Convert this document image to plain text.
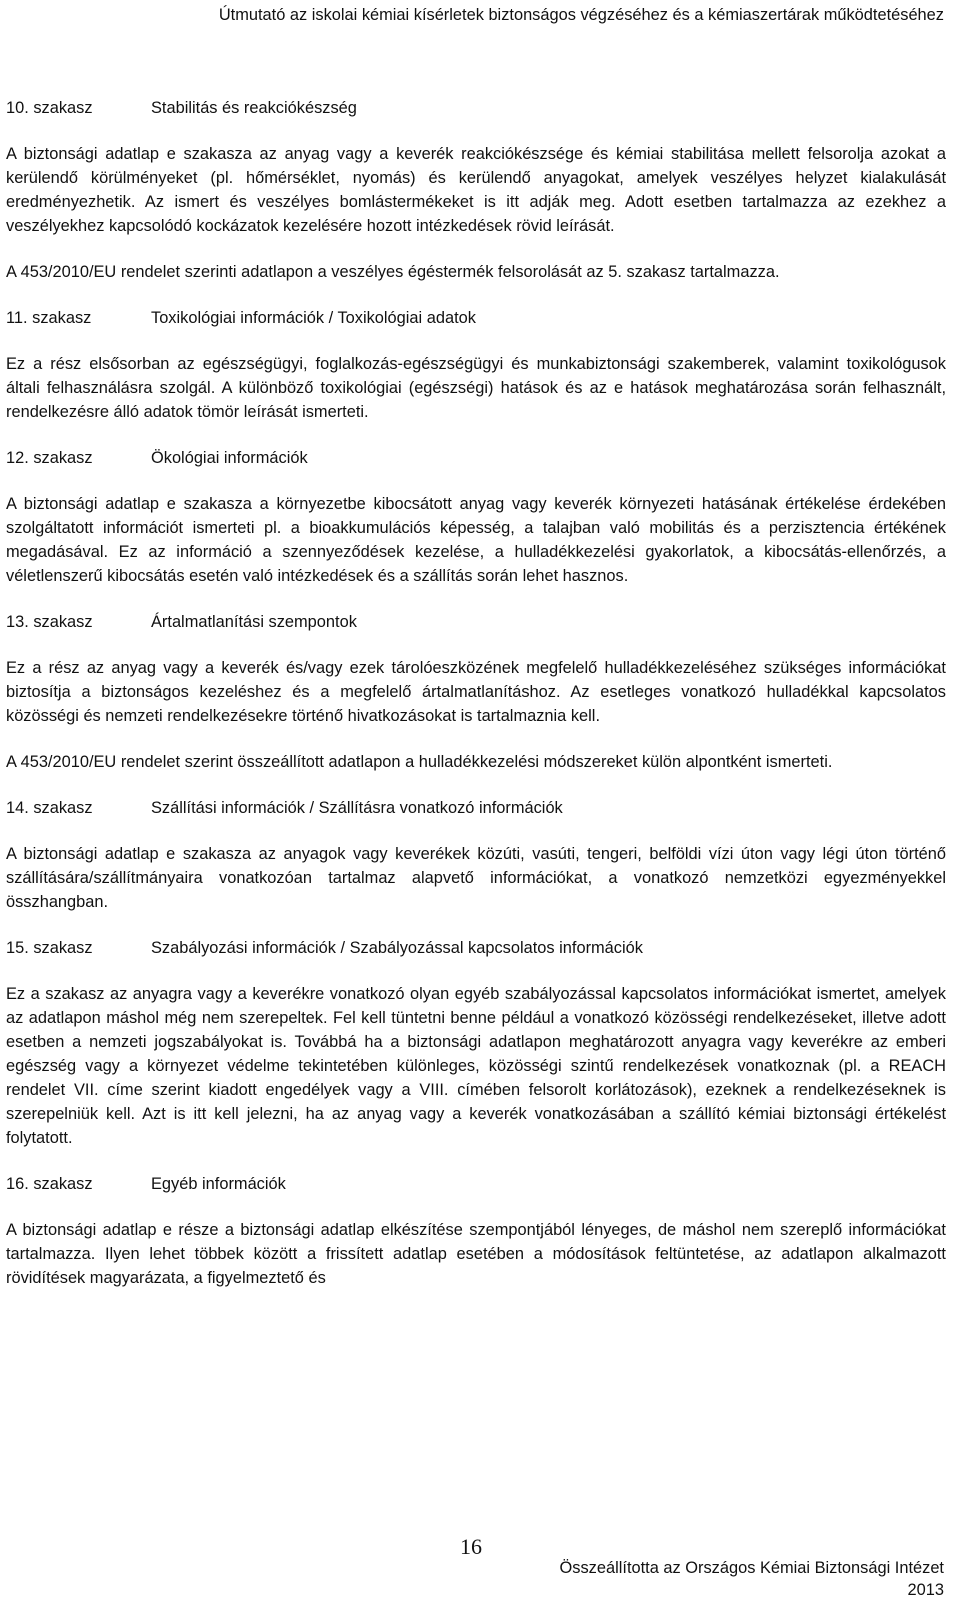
Útmutató az iskolai kémiai kísérletek biztonságos végzéséhez és a kémiaszertárak működtetéséhez
10. szakasz	Stabilitás és reakciókészség

A biztonsági adatlap e szakasza az anyag vagy a keverék reakciókészsége és kémiai stabilitása mellett felsorolja azokat a kerülendő körülményeket (pl. hőmérséklet, nyomás) és kerülendő anyagokat, amelyek veszélyes helyzet kialakulását eredményezhetik. Az ismert és veszélyes bomlástermékeket is itt adják meg. Adott esetben tartalmazza az ezekhez a veszélyekhez kapcsolódó kockázatok kezelésére hozott intézkedések rövid leírását.

A 453/2010/EU rendelet szerinti adatlapon a veszélyes égéstermék felsorolását az 5. szakasz tartalmazza.

11. szakasz	Toxikológiai információk / Toxikológiai adatok

Ez a rész elsősorban az egészségügyi, foglalkozás-egészségügyi és munkabiztonsági szakemberek, valamint toxikológusok általi felhasználásra szolgál. A különböző toxikológiai (egészségi) hatások és az e hatások meghatározása során felhasznált, rendelkezésre álló adatok tömör leírását ismerteti.

12. szakasz	Ökológiai információk

A biztonsági adatlap e szakasza a környezetbe kibocsátott anyag vagy keverék környezeti hatásának értékelése érdekében szolgáltatott információt ismerteti pl. a bioakkumulációs képesség, a talajban való mobilitás és a perzisztencia értékének megadásával. Ez az információ a szennyeződések kezelése, a hulladékkezelési gyakorlatok, a kibocsátás-ellenőrzés, a véletlenszerű kibocsátás esetén való intézkedések és a szállítás során lehet hasznos.

13. szakasz	Ártalmatlanítási szempontok

Ez a rész az anyag vagy a keverék és/vagy ezek tárolóeszközének megfelelő hulladékkezeléséhez szükséges információkat biztosítja a biztonságos kezeléshez és a megfelelő ártalmatlanításhoz. Az esetleges vonatkozó hulladékkal kapcsolatos közösségi és nemzeti rendelkezésekre történő hivatkozásokat is tartalmaznia kell.

A 453/2010/EU rendelet szerint összeállított adatlapon a hulladékkezelési módszereket külön alpontként ismerteti.

14. szakasz	Szállítási információk / Szállításra vonatkozó információk

A biztonsági adatlap e szakasza az anyagok vagy keverékek közúti, vasúti, tengeri, belföldi vízi úton vagy légi úton történő szállítására/szállítmányaira vonatkozóan tartalmaz alapvető információkat, a vonatkozó nemzetközi egyezményekkel összhangban.

15. szakasz	Szabályozási információk / Szabályozással kapcsolatos információk

Ez a szakasz az anyagra vagy a keverékre vonatkozó olyan egyéb szabályozással kapcsolatos információkat ismertet, amelyek az adatlapon máshol még nem szerepeltek. Fel kell tüntetni benne például a vonatkozó közösségi rendelkezéseket, illetve adott esetben a nemzeti jogszabályokat is. Továbbá ha a biztonsági adatlapon meghatározott anyagra vagy keverékre az emberi egészség vagy a környezet védelme tekintetében különleges, közösségi szintű rendelkezések vonatkoznak (pl. a REACH rendelet VII. címe szerint kiadott engedélyek vagy a VIII. címében felsorolt korlátozások), ezeknek a rendelkezéseknek is szerepelniük kell. Azt is itt kell jelezni, ha az anyag vagy a keverék vonatkozásában a szállító kémiai biztonsági értékelést folytatott.

16. szakasz	Egyéb információk

A biztonsági adatlap e része a biztonsági adatlap elkészítése szempontjából lényeges, de máshol nem szereplő információkat tartalmazza. Ilyen lehet többek között a frissített adatlap esetében a módosítások feltüntetése, az adatlapon alkalmazott rövidítések magyarázata, a figyelmeztető és

16
Összeállította az Országos Kémiai Biztonsági Intézet
2013
